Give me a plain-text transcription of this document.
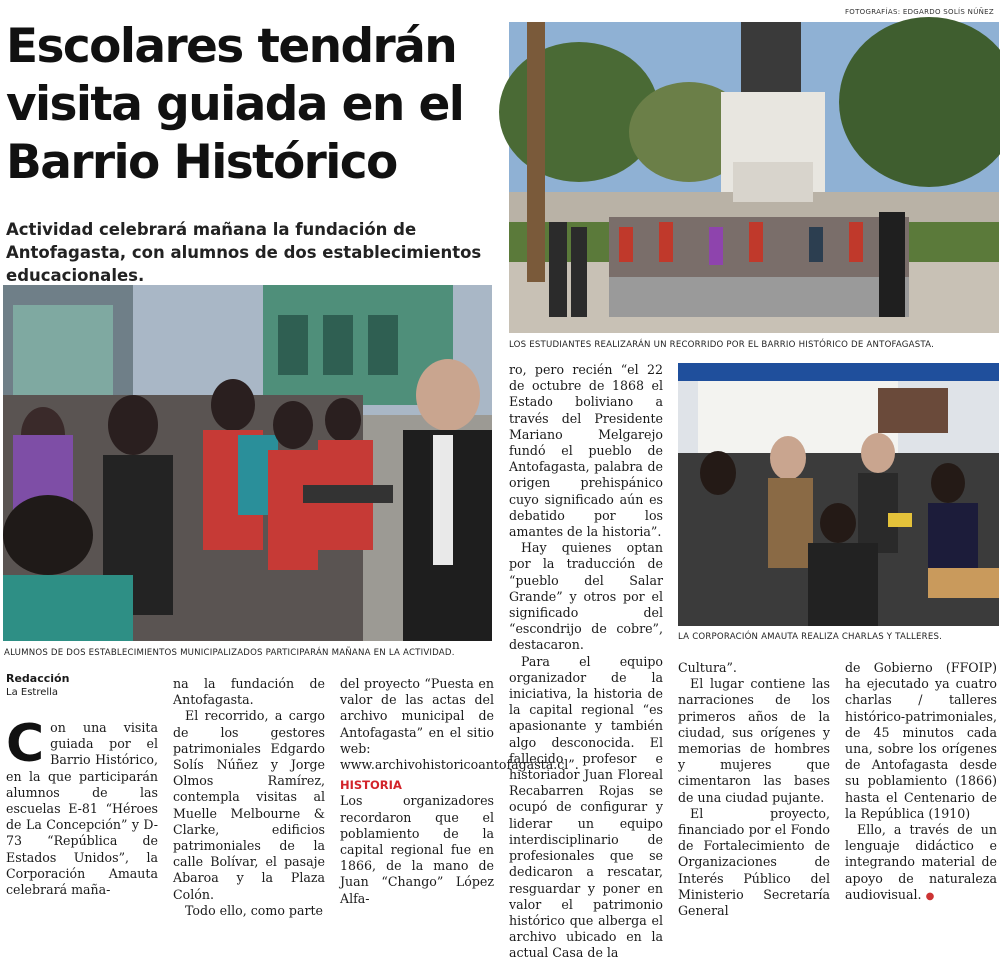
FOTOGRAFÍAS: EDGARDO SOLÍS NÚÑEZ
Escolares tendrán visita guiada en el Barrio Histórico
Actividad celebrará mañana la fundación de Antofagasta, con alumnos de dos establecimientos educacionales.
LOS ESTUDIANTES REALIZARÁN UN RECORRIDO POR EL BARRIO HISTÓRICO DE ANTOFAGASTA.
ALUMNOS DE DOS ESTABLECIMIENTOS MUNICIPALIZADOS PARTICIPARÁN MAÑANA EN LA ACTIVIDAD.
LA CORPORACIÓN AMAUTA REALIZA CHARLAS Y TALLERES.
Redacción
La Estrella

Con una visita guiada por el Barrio Histórico, en la que participarán alumnos de las escuelas E-81 “Héroes de La Concepción” y D-73 “República de Estados Unidos”, la Corporación Amauta celebrará maña-

na la fundación de Antofagasta.

El recorrido, a cargo de los gestores patrimoniales Edgardo Solís Núñez y Jorge Olmos Ramírez, contempla visitas al Muelle Melbourne & Clarke, edificios patrimoniales de la calle Bolívar, el pasaje Abaroa y la Plaza Colón.

Todo ello, como parte

del proyecto “Puesta en valor de las actas del archivo municipal de Antofagasta” en el sitio web: www.archivohistoricoantofagasta.cl”.

HISTORIA

Los organizadores recordaron que el poblamiento de la capital regional fue en 1866, de la mano de Juan “Chango” López Alfa-

ro, pero recién “el 22 de octubre de 1868 el Estado boliviano a través del Presidente Mariano Melgarejo fundó el pueblo de Antofagasta, palabra de origen prehispánico cuyo significado aún es debatido por los amantes de la historia”.

Hay quienes optan por la traducción de “pueblo del Salar Grande” y otros por el significado del “escondrijo de cobre”, destacaron.

Para el equipo organizador de la iniciativa, la historia de la capital regional “es apasionante y también algo desconocida. El fallecido profesor e historiador Juan Floreal Recabarren Rojas se ocupó de configurar y liderar un equipo interdisciplinario de profesionales que se dedicaron a rescatar, resguardar y poner en valor el patrimonio histórico que alberga el archivo ubicado en la actual Casa de la

Cultura”.

El lugar contiene las narraciones de los primeros años de la ciudad, sus orígenes y memorias de hombres y mujeres que cimentaron las bases de una ciudad pujante.

El proyecto, financiado por el Fondo de Fortalecimiento de Organizaciones de Interés Público del Ministerio Secretaría General

de Gobierno (FFOIP) ha ejecutado ya cuatro charlas / talleres histórico-patrimoniales, de 45 minutos cada una, sobre los orígenes de Antofagasta desde su poblamiento (1866) hasta el Centenario de la República (1910)

Ello, a través de un lenguaje didáctico e integrando material de apoyo de naturaleza audiovisual. ●
